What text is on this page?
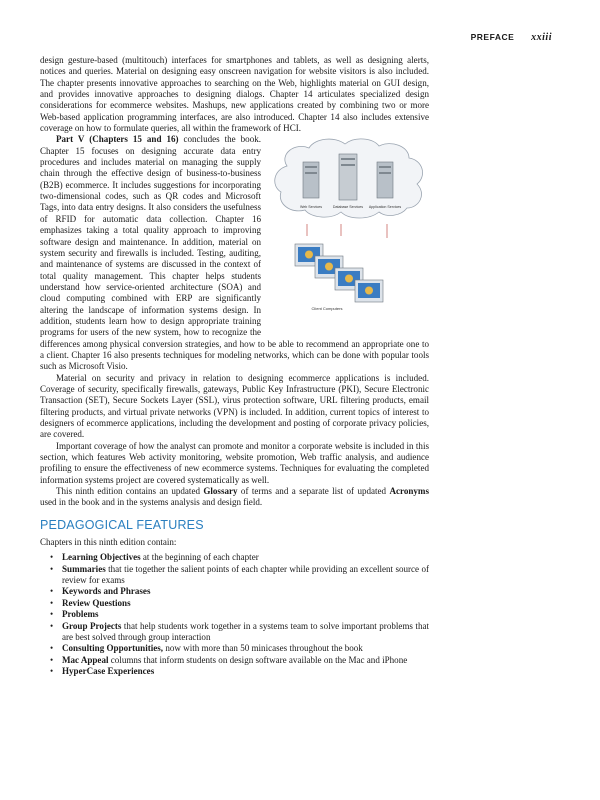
PREFACE xxiii

design gesture-based (multitouch) interfaces for smartphones and tablets, as well as designing alerts, notices and queries. Material on designing easy onscreen navigation for website visitors is also included. The chapter presents innovative approaches to searching on the Web, highlights material on GUI design, and provides innovative approaches to designing dialogs. Chapter 14 articulates specialized design considerations for ecommerce websites. Mashups, new applications created by combining two or more Web-based application programming interfaces, are also introduced. Chapter 14 also includes extensive coverage on how to formulate queries, all within the framework of HCI.

Web Services	Database Services Application Services
Client Computers

Part V (Chapters 15 and 16) concludes the book. Chapter 15 focuses on designing accurate data entry procedures and includes material on managing the supply chain through the effective design of business-to-business (B2B) ecommerce. It includes suggestions for incorporating two-dimensional codes, such as QR codes and Microsoft Tags, into data entry designs. It also considers the usefulness of RFID for automatic data collection. Chapter 16 emphasizes taking a total quality approach to improving software design and maintenance. In addition, material on system security and firewalls is included. Testing, auditing, and maintenance of systems are discussed in the context of total quality management. This chapter helps students understand how service-oriented architecture (SOA) and cloud computing combined with ERP are significantly altering the landscape of information systems design. In addition, students learn how to design appropriate training programs for users of the new system, how to recognize the differences among physical conversion strategies, and how to be able to recommend an appropriate one to a client. Chapter 16 also presents techniques for modeling networks, which can be done with popular tools such as Microsoft Visio.

Material on security and privacy in relation to designing ecommerce applications is included. Coverage of security, specifically firewalls, gateways, Public Key Infrastructure (PKI), Secure Electronic Transaction (SET), Secure Sockets Layer (SSL), virus protection software, URL filtering products, email filtering products, and virtual private networks (VPN) is included. In addition, current topics of interest to designers of ecommerce applications, including the development and posting of corporate privacy policies, are covered.

Important coverage of how the analyst can promote and monitor a corporate website is included in this section, which features Web activity monitoring, website promotion, Web traffic analysis, and audience profiling to ensure the effectiveness of new ecommerce systems. Techniques for evaluating the completed information systems project are covered systematically as well.

This ninth edition contains an updated Glossary of terms and a separate list of updated Acronyms used in the book and in the systems analysis and design field.

PEDAGOGICAL FEATURES

Chapters in this ninth edition contain:

• Learning Objectives at the beginning of each chapter
• Summaries that tie together the salient points of each chapter while providing an excellent source of review for exams
• Keywords and Phrases
• Review Questions
• Problems
• Group Projects that help students work together in a systems team to solve important problems that are best solved through group interaction
• Consulting Opportunities, now with more than 50 minicases throughout the book
• Mac Appeal columns that inform students on design software available on the Mac and iPhone
• HyperCase Experiences
